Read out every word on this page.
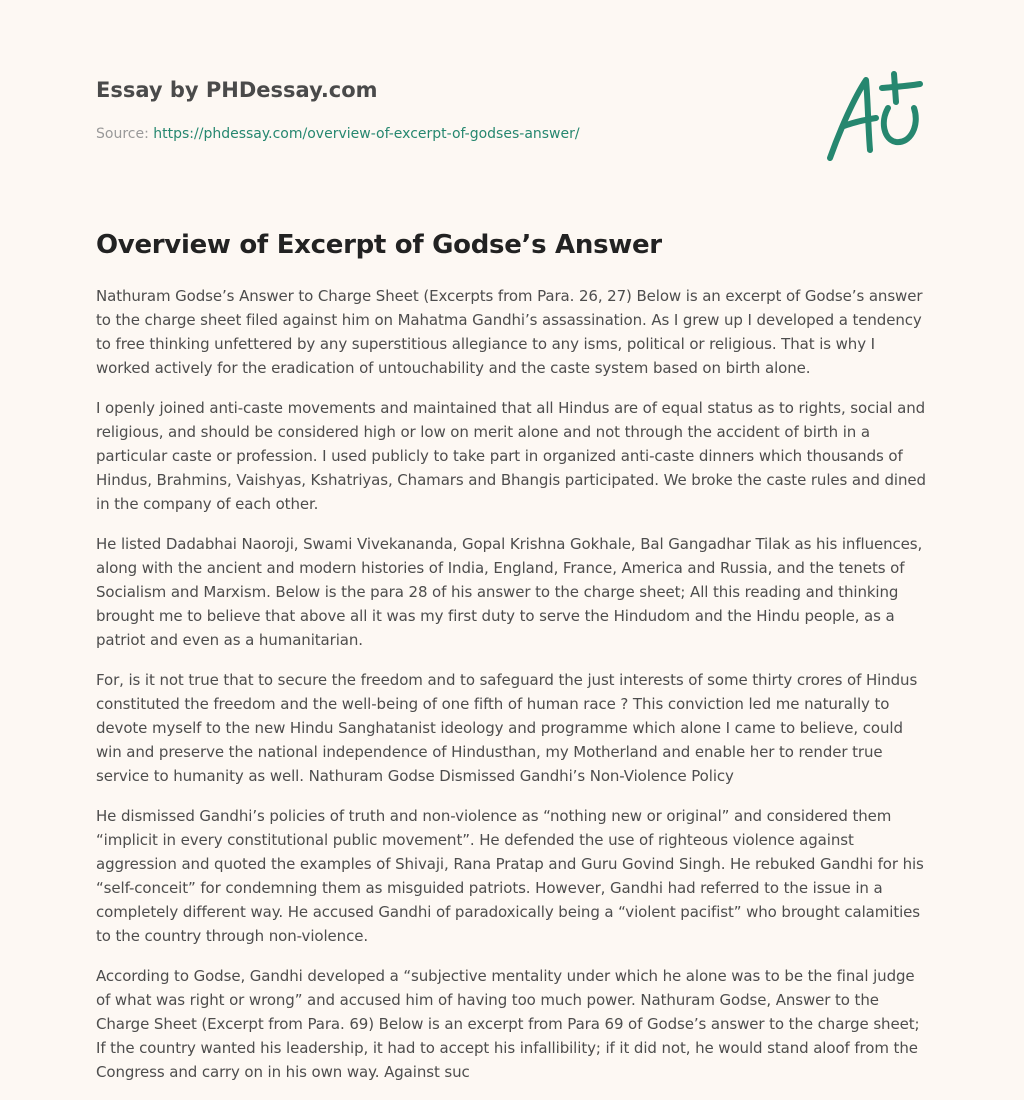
Essay by PHDessay.com
Source: https://phdessay.com/overview-of-excerpt-of-godses-answer/
Overview of Excerpt of Godse’s Answer

Nathuram Godse’s Answer to Charge Sheet (Excerpts from Para. 26, 27) Below is an excerpt of Godse’s answer to the charge sheet filed against him on Mahatma Gandhi’s assassination. As I grew up I developed a tendency to free thinking unfettered by any superstitious allegiance to any isms, political or religious. That is why I worked actively for the eradication of untouchability and the caste system based on birth alone.

I openly joined anti-caste movements and maintained that all Hindus are of equal status as to rights, social and religious, and should be considered high or low on merit alone and not through the accident of birth in a particular caste or profession. I used publicly to take part in organized anti-caste dinners which thousands of Hindus, Brahmins, Vaishyas, Kshatriyas, Chamars and Bhangis participated. We broke the caste rules and dined in the company of each other.

He listed Dadabhai Naoroji, Swami Vivekananda, Gopal Krishna Gokhale, Bal Gangadhar Tilak as his influences, along with the ancient and modern histories of India, England, France, America and Russia, and the tenets of Socialism and Marxism. Below is the para 28 of his answer to the charge sheet; All this reading and thinking brought me to believe that above all it was my first duty to serve the Hindudom and the Hindu people, as a patriot and even as a humanitarian.

For, is it not true that to secure the freedom and to safeguard the just interests of some thirty crores of Hindus constituted the freedom and the well-being of one fifth of human race ? This conviction led me naturally to devote myself to the new Hindu Sanghatanist ideology and programme which alone I came to believe, could win and preserve the national independence of Hindusthan, my Motherland and enable her to render true service to humanity as well. Nathuram Godse Dismissed Gandhi’s Non-Violence Policy

He dismissed Gandhi’s policies of truth and non-violence as “nothing new or original” and considered them “implicit in every constitutional public movement”. He defended the use of righteous violence against aggression and quoted the examples of Shivaji, Rana Pratap and Guru Govind Singh. He rebuked Gandhi for his “self-conceit” for condemning them as misguided patriots. However, Gandhi had referred to the issue in a completely different way. He accused Gandhi of paradoxically being a “violent pacifist” who brought calamities to the country through non-violence.

According to Godse, Gandhi developed a “subjective mentality under which he alone was to be the final judge of what was right or wrong” and accused him of having too much power. Nathuram Godse, Answer to the Charge Sheet (Excerpt from Para. 69) Below is an excerpt from Para 69 of Godse’s answer to the charge sheet; If the country wanted his leadership, it had to accept his infallibility; if it did not, he would stand aloof from the Congress and carry on in his own way. Against suc
